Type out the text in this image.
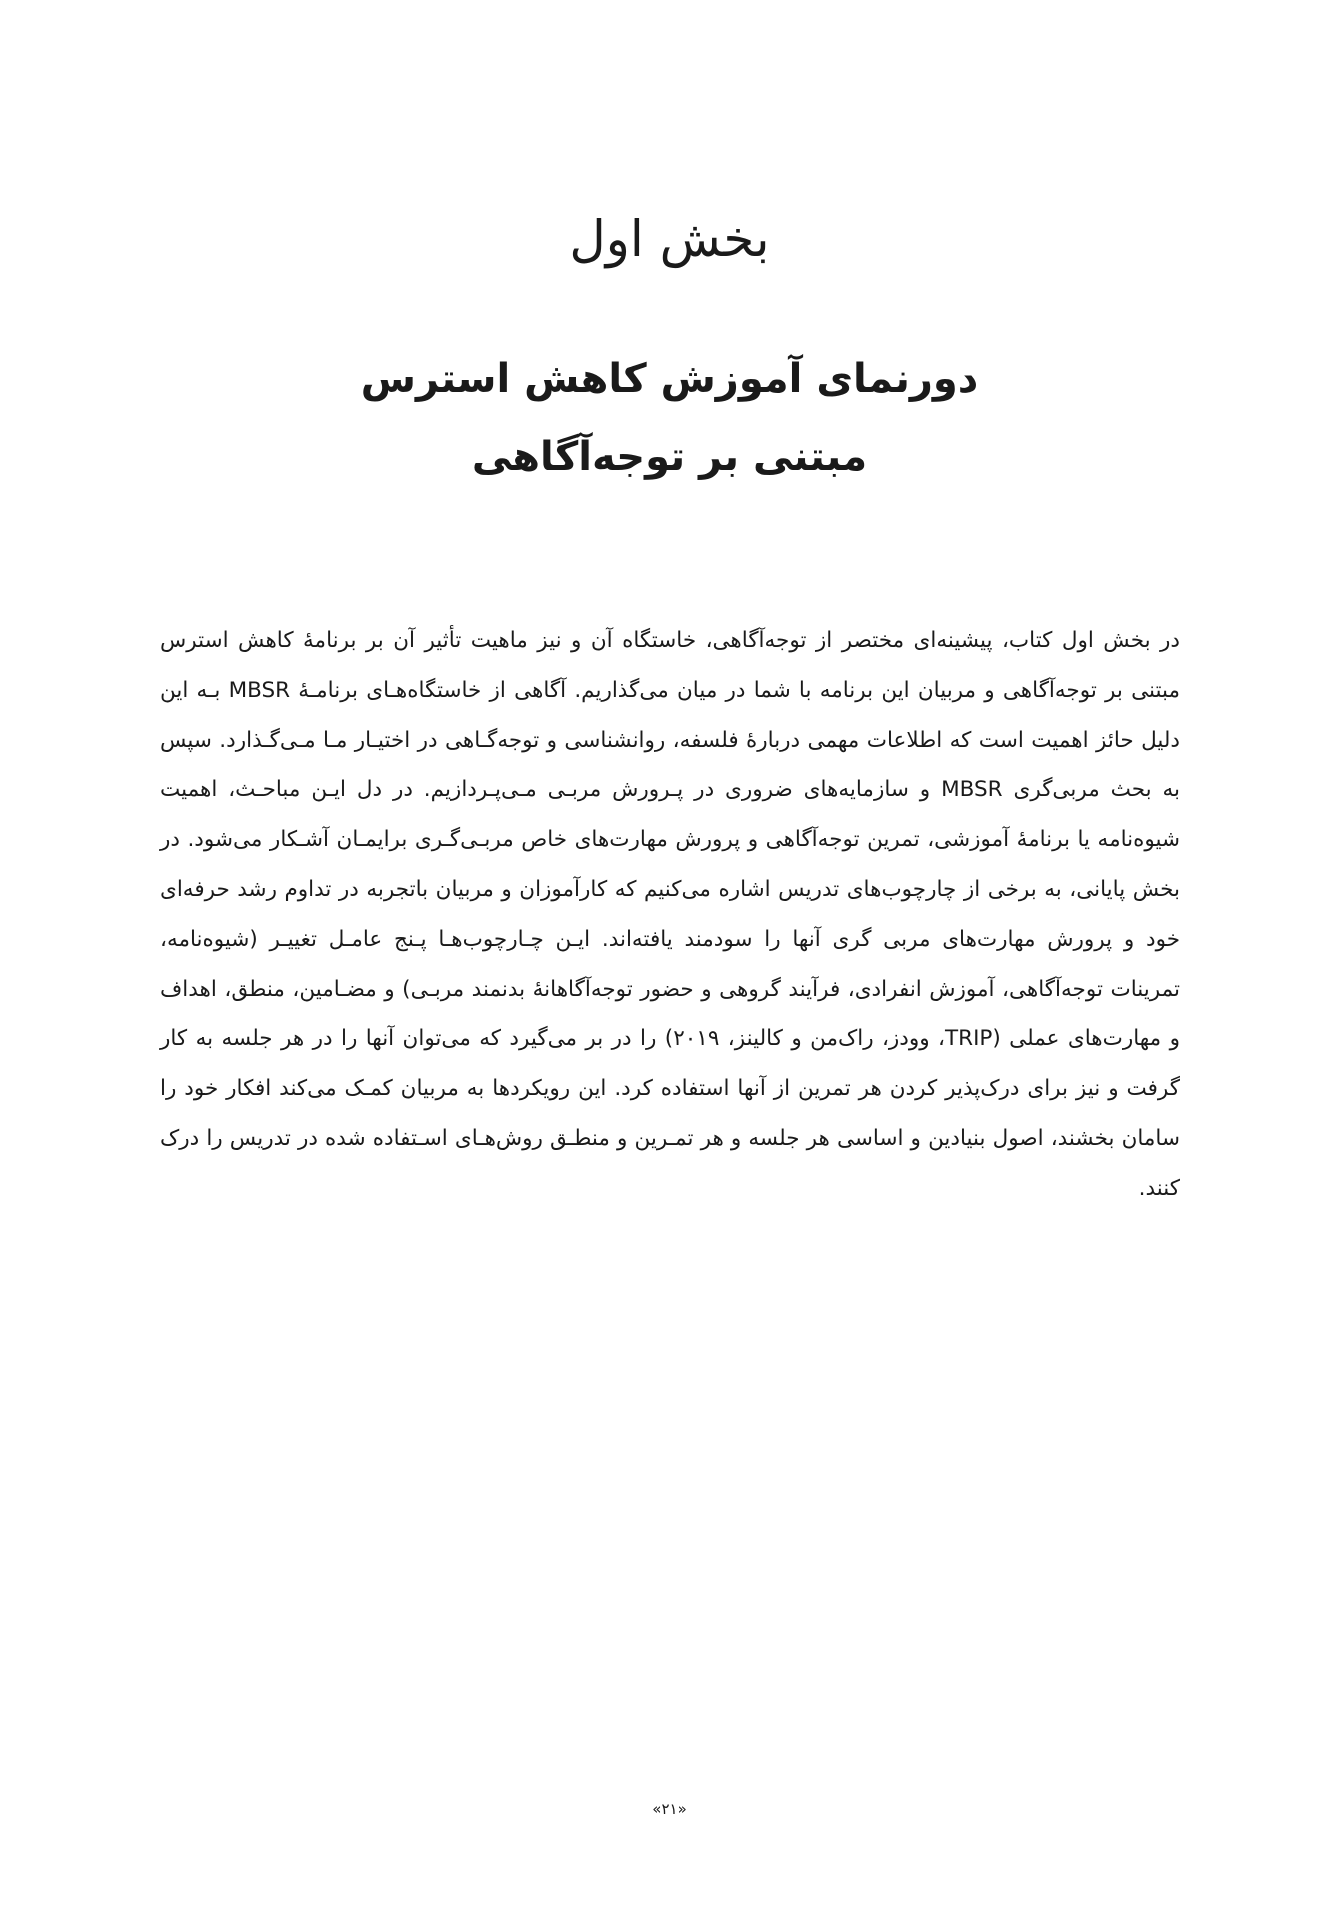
بخش اول
دورنمای آموزش کاهش استرس
مبتنی بر توجه‌آگاهی

در بخش اول کتاب، پیشینه‌ای مختصر از توجه‌آگاهی، خاستگاه آن و نیز ماهیت تأثیر آن بر برنامهٔ کاهش استرس مبتنی بر توجه‌آگاهی و مربیان این برنامه با شما در میان می‌گذاریم. آگاهی از خاستگاه‌هـای برنامـهٔ MBSR بـه این دلیل حائز اهمیت است که اطلاعات مهمی دربارهٔ فلسفه، روانشناسی و توجه‌گـاهی در اختیـار مـا مـی‌گـذارد. سپس به بحث مربی‌گری MBSR و سازمایه‌های ضروری در پـرورش مربـی مـی‌پـردازیم. در دل ایـن مباحـث، اهمیت شیوه‌نامه یا برنامهٔ آموزشی، تمرین توجه‌آگاهی و پرورش مهارت‌های خاص مربـی‌گـری برایمـان آشـکار می‌شود. در بخش پایانی، به برخی از چارچوب‌های تدریس اشاره می‌کنیم که کارآموزان و مربیان باتجربه در تداوم رشد حرفه‌ای خود و پرورش مهارت‌های مربی گری آنها را سودمند یافته‌اند. ایـن چـارچوب‌هـا پـنج عامـل تغییـر (شیوه‌نامه، تمرینات توجه‌آگاهی، آموزش انفرادی، فرآیند گروهی و حضور توجه‌آگاهانهٔ بدنمند مربـی) و مضـامین، منطق، اهداف و مهارت‌های عملی (TRIP، وودز، راک‌من و کالینز، ۲۰۱۹) را در بر می‌گیرد که می‌توان آنها را در هر جلسه به کار گرفت و نیز برای درک‌پذیر کردن هر تمرین از آنها استفاده کرد. این رویکردها به مربیان کمـک می‌کند افکار خود را سامان بخشند، اصول بنیادین و اساسی هر جلسه و هر تمـرین و منطـق روش‌هـای اسـتفاده شده در تدریس را درک کنند.

«۲۱»
